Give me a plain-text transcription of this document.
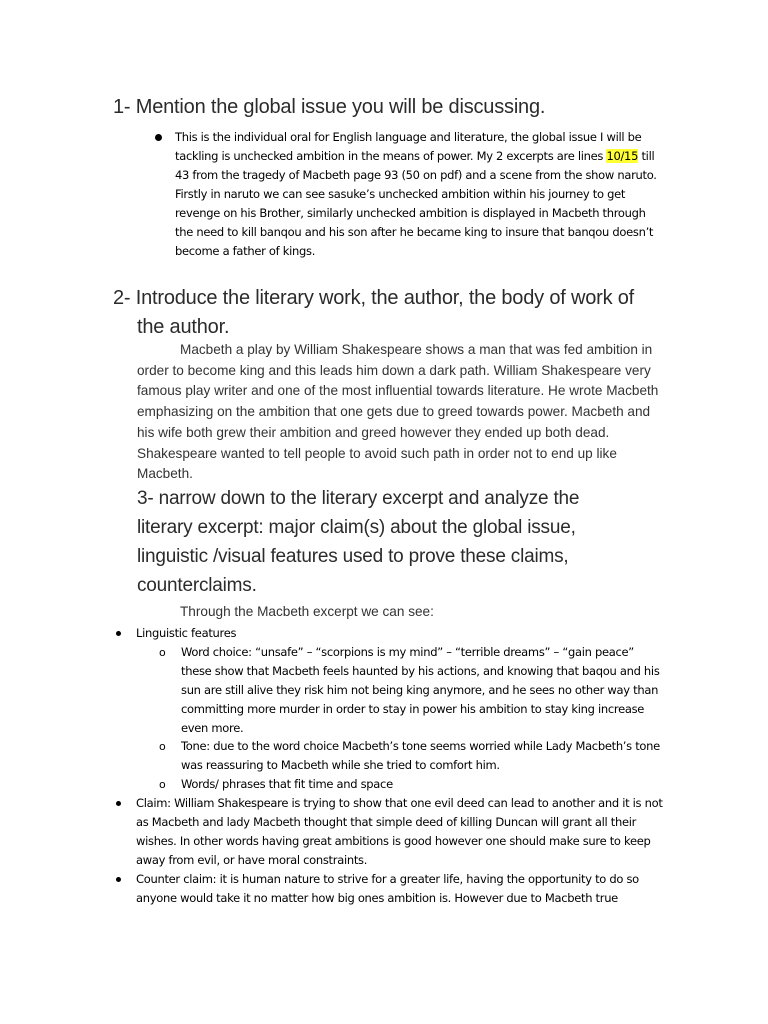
1- Mention the global issue you will be discussing.
This is the individual oral for English language and literature, the global issue I will be
tackling is unchecked ambition in the means of power. My 2 excerpts are lines 10/15 till
43 from the tragedy of Macbeth page 93 (50 on pdf) and a scene from the show naruto.
Firstly in naruto we can see sasuke’s unchecked ambition within his journey to get
revenge on his Brother, similarly unchecked ambition is displayed in Macbeth through
the need to kill banqou and his son after he became king to insure that banqou doesn’t
become a father of kings.
2- Introduce the literary work, the author, the body of work of
the author.
Macbeth a play by William Shakespeare shows a man that was fed ambition in
order to become king and this leads him down a dark path. William Shakespeare very
famous play writer and one of the most influential towards literature. He wrote Macbeth
emphasizing on the ambition that one gets due to greed towards power. Macbeth and
his wife both grew their ambition and greed however they ended up both dead.
Shakespeare wanted to tell people to avoid such path in order not to end up like
Macbeth.
3- narrow down to the literary excerpt and analyze the
literary excerpt: major claim(s) about the global issue,
linguistic /visual features used to prove these claims,
counterclaims.
Through the Macbeth excerpt we can see:
Linguistic features
o Word choice: “unsafe” – “scorpions is my mind” – “terrible dreams” – “gain peace”
these show that Macbeth feels haunted by his actions, and knowing that baqou and his
sun are still alive they risk him not being king anymore, and he sees no other way than
committing more murder in order to stay in power his ambition to stay king increase
even more.
o Tone: due to the word choice Macbeth’s tone seems worried while Lady Macbeth’s tone
was reassuring to Macbeth while she tried to comfort him.
o Words/ phrases that fit time and space
Claim: William Shakespeare is trying to show that one evil deed can lead to another and it is not
as Macbeth and lady Macbeth thought that simple deed of killing Duncan will grant all their
wishes. In other words having great ambitions is good however one should make sure to keep
away from evil, or have moral constraints.
Counter claim: it is human nature to strive for a greater life, having the opportunity to do so
anyone would take it no matter how big ones ambition is. However due to Macbeth true
